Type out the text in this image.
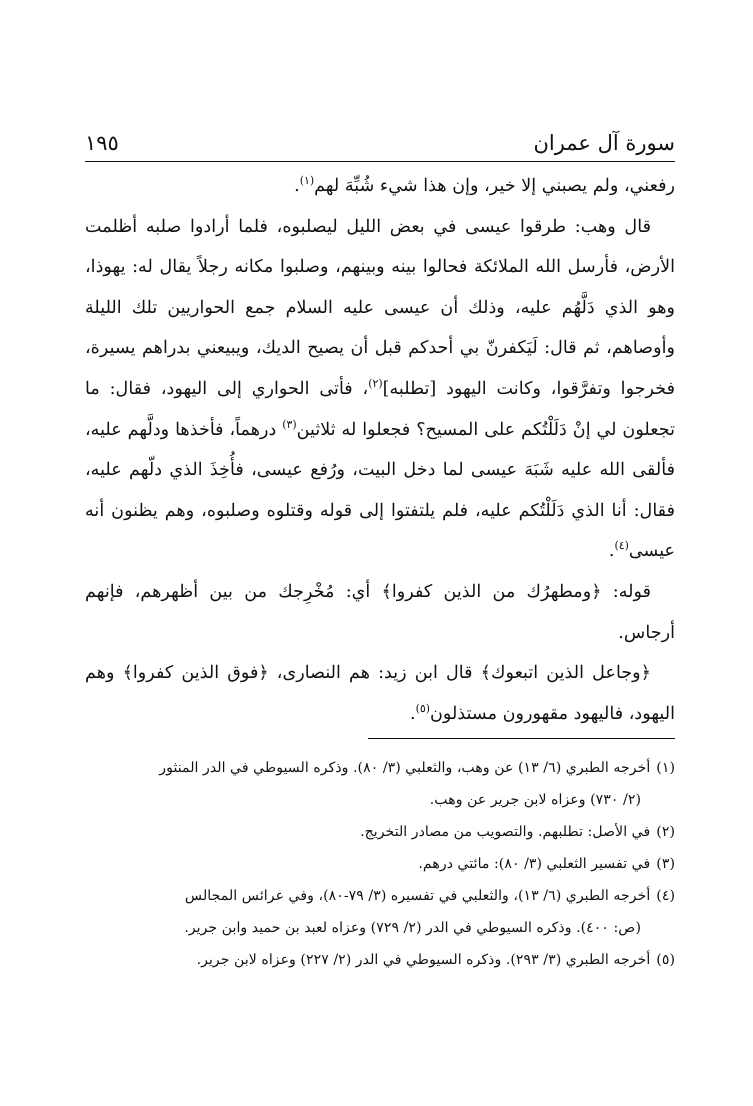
سورة آل عمران
١٩٥

رفعني، ولم يصبني إلا خير، وإن هذا شيء شُبِّهَ لهم$^{(١)}$.

قال وهب: طرقوا عيسى في بعض الليل ليصلبوه، فلما أرادوا صلبه أظلمت الأرض، فأرسل الله الملائكة فحالوا بينه وبينهم، وصلبوا مكانه رجلاً يقال له: يهوذا، وهو الذي دَلَّهُم عليه، وذلك أن عيسى عليه السلام جمع الحواريين تلك الليلة وأوصاهم، ثم قال: لَيَكفرنّ بي أحدكم قبل أن يصيح الديك، ويبيعني بدراهم يسيرة، فخرجوا وتفرَّقوا، وكانت اليهود [تطلبه]$^{(٢)}$، فأتى الحواري إلى اليهود، فقال: ما تجعلون لي إنْ دَلَلْتُكم على المسيح؟ فجعلوا له ثلاثين$^{(٣)}$ درهماً، فأخذها ودلَّهم عليه، فألقى الله عليه شَبَهَ عيسى لما دخل البيت، ورُفع عيسى، فأُخِذَ الذي دلّهم عليه، فقال: أنا الذي دَلَلْتُكم عليه، فلم يلتفتوا إلى قوله وقتلوه وصلبوه، وهم يظنون أنه عيسى$^{(٤)}$.

قوله: ﴿ومطهرُك من الذين كفروا﴾ أي: مُخْرِجك من بين أظهرهم، فإنهم أرجاس.

﴿وجاعل الذين اتبعوك﴾ قال ابن زيد: هم النصارى، ﴿فوق الذين كفروا﴾ وهم اليهود، فاليهود مقهورون مستذلون$^{(٥)}$.

(١)أخرجه الطبري (٦/ ١٣) عن وهب، والثعلبي (٣/ ٨٠). وذكره السيوطي في الدر المنثور
(٢/ ٧٣٠) وعزاه لابن جرير عن وهب.

(٢)في الأصل: تطلبهم. والتصويب من مصادر التخريج.

(٣)في تفسير الثعلبي (٣/ ٨٠): مائتي درهم.

(٤)أخرجه الطبري (٦/ ١٣)، والثعلبي في تفسيره (٣/ ٧٩-٨٠)، وفي عرائس المجالس
(ص: ٤٠٠). وذكره السيوطي في الدر (٢/ ٧٢٩) وعزاه لعبد بن حميد وابن جرير.

(٥)أخرجه الطبري (٣/ ٢٩٣). وذكره السيوطي في الدر (٢/ ٢٢٧) وعزاه لابن جرير.
